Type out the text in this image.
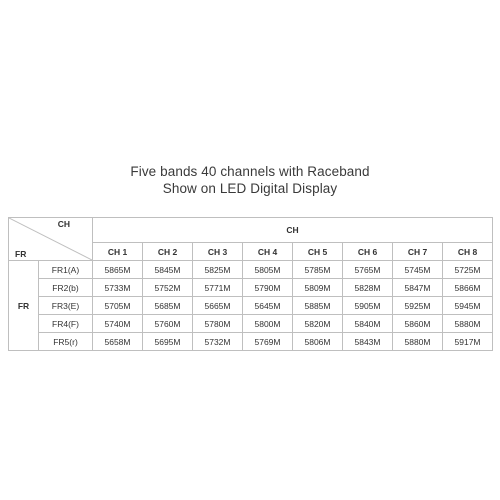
Five bands 40 channels with Raceband
Show on LED Digital Display
CH
FR		CH							
		CH 1	CH 2	CH 3	CH 4	CH 5	CH 6	CH 7	CH 8
FR	FR1(A)	5865M	5845M	5825M	5805M	5785M	5765M	5745M	5725M
	FR2(b)	5733M	5752M	5771M	5790M	5809M	5828M	5847M	5866M
	FR3(E)	5705M	5685M	5665M	5645M	5885M	5905M	5925M	5945M
	FR4(F)	5740M	5760M	5780M	5800M	5820M	5840M	5860M	5880M
	FR5(r)	5658M	5695M	5732M	5769M	5806M	5843M	5880M	5917M
